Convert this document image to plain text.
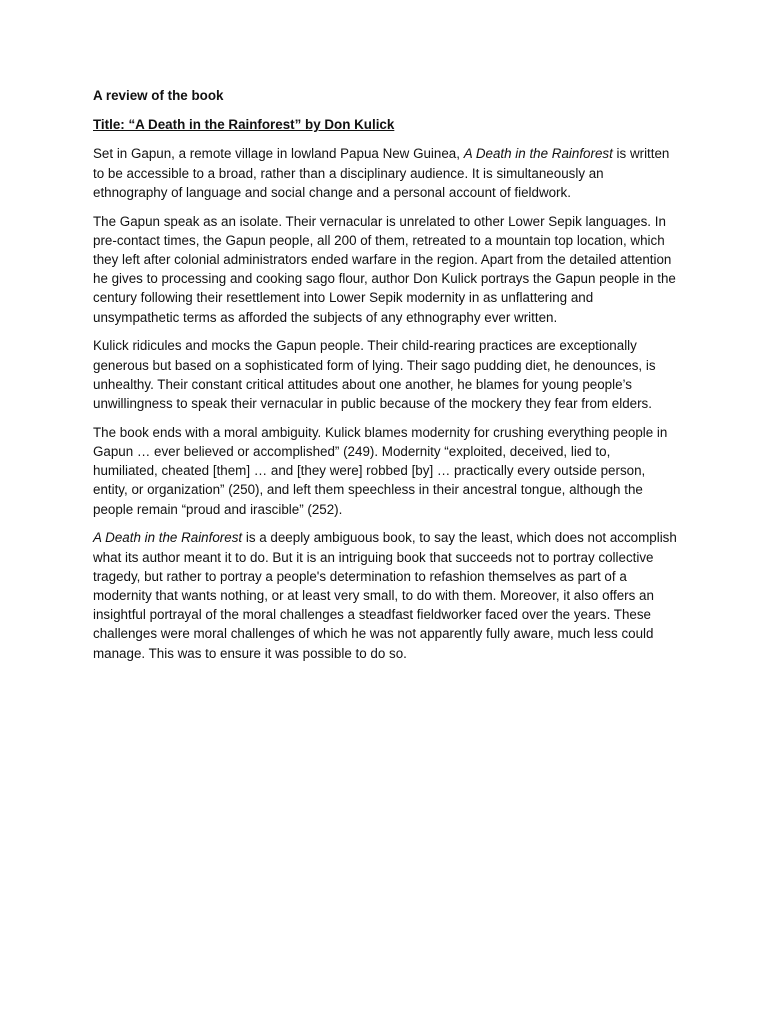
A review of the book
Title: “A Death in the Rainforest” by Don Kulick

Set in Gapun, a remote village in lowland Papua New Guinea, A Death in the Rainforest is written to be accessible to a broad, rather than a disciplinary audience. It is simultaneously an ethnography of language and social change and a personal account of fieldwork.

The Gapun speak as an isolate. Their vernacular is unrelated to other Lower Sepik languages. In pre-contact times, the Gapun people, all 200 of them, retreated to a mountain top location, which they left after colonial administrators ended warfare in the region. Apart from the detailed attention he gives to processing and cooking sago flour, author Don Kulick portrays the Gapun people in the century following their resettlement into Lower Sepik modernity in as unflattering and unsympathetic terms as afforded the subjects of any ethnography ever written.

Kulick ridicules and mocks the Gapun people. Their child-rearing practices are exceptionally generous but based on a sophisticated form of lying. Their sago pudding diet, he denounces, is unhealthy. Their constant critical attitudes about one another, he blames for young people’s unwillingness to speak their vernacular in public because of the mockery they fear from elders.

The book ends with a moral ambiguity. Kulick blames modernity for crushing everything people in Gapun … ever believed or accomplished” (249). Modernity “exploited, deceived, lied to, humiliated, cheated [them] … and [they were] robbed [by] … practically every outside person, entity, or organization” (250), and left them speechless in their ancestral tongue, although the people remain “proud and irascible” (252).

A Death in the Rainforest is a deeply ambiguous book, to say the least, which does not accomplish what its author meant it to do. But it is an intriguing book that succeeds not to portray collective tragedy, but rather to portray a people's determination to refashion themselves as part of a modernity that wants nothing, or at least very small, to do with them. Moreover, it also offers an insightful portrayal of the moral challenges a steadfast fieldworker faced over the years. These challenges were moral challenges of which he was not apparently fully aware, much less could manage. This was to ensure it was possible to do so.
